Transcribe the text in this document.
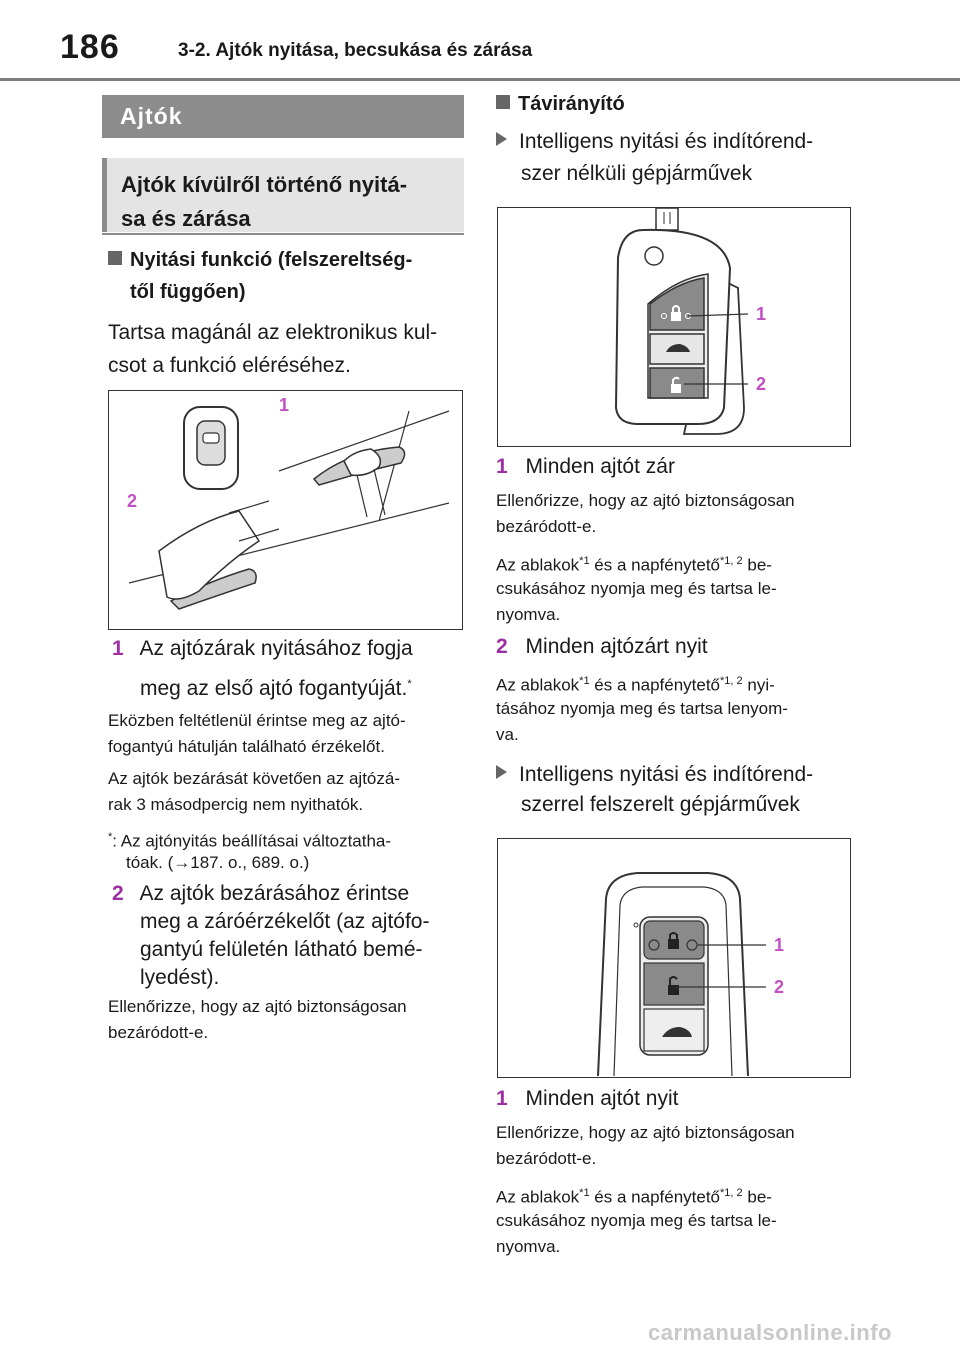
186	3-2. Ajtók nyitása, becsukása és zárása
Ajtók
Ajtók kívülről történő nyitá-
sa és zárása
Nyitási funkció (felszereltség-
től függően)
Tartsa magánál az elektronikus kul-
csot a funkció eléréséhez.
1
2
1 Az ajtózárak nyitásához fogja
meg az első ajtó fogantyúját.*
Eközben feltétlenül érintse meg az ajtó-
fogantyú hátulján található érzékelőt.
Az ajtók bezárását követően az ajtózá-
rak 3 másodpercig nem nyithatók.
*: Az ajtónyitás beállításai változtatha-
tóak. (→187. o., 689. o.)
2 Az ajtók bezárásához érintse
meg a záróérzékelőt (az ajtófo-
gantyú felületén látható bemé-
lyedést).
Ellenőrizze, hogy az ajtó biztonságosan
bezáródott-e.
Távirányító
Intelligens nyitási és indítórend-
szer nélküli gépjárművek
1
2
1 Minden ajtót zár
Ellenőrizze, hogy az ajtó biztonságosan
bezáródott-e.
Az ablakok$^{*1}$ és a napfénytető$^{*1, 2}$ be-
csukásához nyomja meg és tartsa le-
nyomva.
2 Minden ajtózárt nyit
Az ablakok$^{*1}$ és a napfénytető$^{*1, 2}$ nyi-
tásához nyomja meg és tartsa lenyom-
va.
Intelligens nyitási és indítórend-
szerrel felszerelt gépjárművek
1
2
1 Minden ajtót nyit
Ellenőrizze, hogy az ajtó biztonságosan
bezáródott-e.
Az ablakok$^{*1}$ és a napfénytető$^{*1, 2}$ be-
csukásához nyomja meg és tartsa le-
nyomva.
carmanualsonline.info
